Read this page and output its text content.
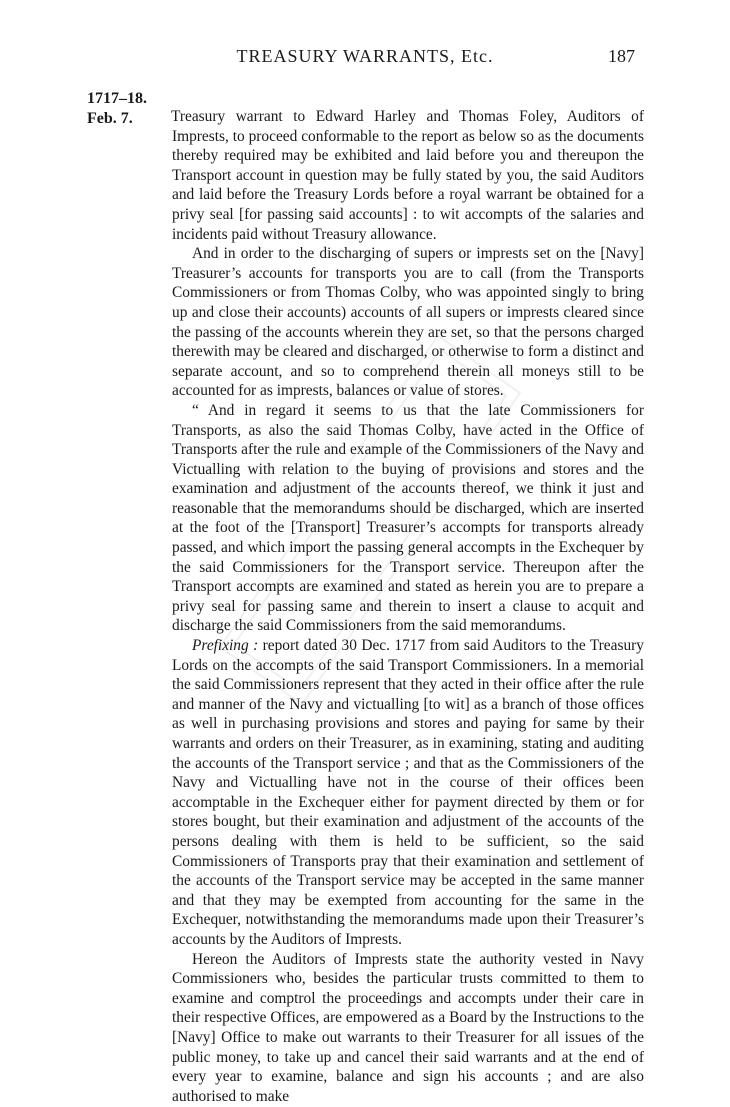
TREASURY WARRANTS, Etc.	187
1717–18.
Feb. 7. Treasury warrant to Edward Harley and Thomas Foley, Auditors of Imprests, to proceed conformable to the report as below so as the documents thereby required may be exhibited and laid before you and thereupon the Transport account in question may be fully stated by you, the said Auditors and laid before the Treasury Lords before a royal warrant be obtained for a privy seal [for passing said accounts] : to wit accompts of the salaries and incidents paid without Treasury allowance.

And in order to the discharging of supers or imprests set on the [Navy] Treasurer’s accounts for transports you are to call (from the Transports Commissioners or from Thomas Colby, who was appointed singly to bring up and close their accounts) accounts of all supers or imprests cleared since the passing of the accounts wherein they are set, so that the persons charged therewith may be cleared and discharged, or otherwise to form a distinct and separate account, and so to comprehend therein all moneys still to be accounted for as imprests, balances or value of stores.

“ And in regard it seems to us that the late Commissioners for Transports, as also the said Thomas Colby, have acted in the Office of Transports after the rule and example of the Commissioners of the Navy and Victualling with relation to the buying of provisions and stores and the examination and adjustment of the accounts thereof, we think it just and reasonable that the memorandums should be discharged, which are inserted at the foot of the [Transport] Treasurer’s accompts for transports already passed, and which import the passing general accompts in the Exchequer by the said Commissioners for the Transport service. Thereupon after the Transport accompts are examined and stated as herein you are to prepare a privy seal for passing same and therein to insert a clause to acquit and discharge the said Commissioners from the said memorandums.

Prefixing : report dated 30 Dec. 1717 from said Auditors to the Treasury Lords on the accompts of the said Transport Commissioners. In a memorial the said Commissioners represent that they acted in their office after the rule and manner of the Navy and victualling [to wit] as a branch of those offices as well in purchasing provisions and stores and paying for same by their warrants and orders on their Treasurer, as in examining, stating and auditing the accounts of the Transport service ; and that as the Commissioners of the Navy and Victualling have not in the course of their offices been accomptable in the Exchequer either for payment directed by them or for stores bought, but their examination and adjustment of the accounts of the persons dealing with them is held to be sufficient, so the said Commissioners of Transports pray that their examination and settlement of the accounts of the Transport service may be accepted in the same manner and that they may be exempted from accounting for the same in the Exchequer, notwithstanding the memorandums made upon their Treasurer’s accounts by the Auditors of Imprests.

Hereon the Auditors of Imprests state the authority vested in Navy Commissioners who, besides the particular trusts committed to them to examine and comptrol the proceedings and accompts under their care in their respective Offices, are empowered as a Board by the Instructions to the [Navy] Office to make out warrants to their Treasurer for all issues of the public money, to take up and cancel their said warrants and at the end of every year to examine, balance and sign his accounts ; and are also authorised to make
